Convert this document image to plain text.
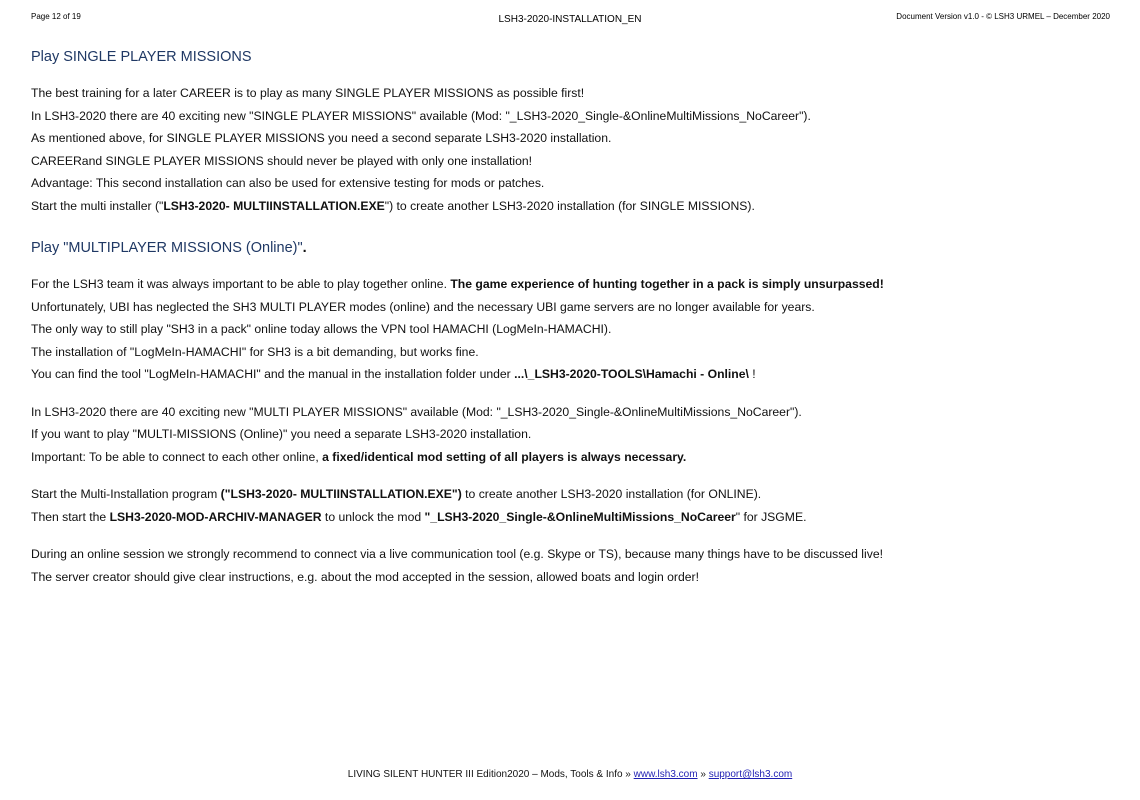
Page 12 of 19	LSH3-2020-INSTALLATION_EN	Document Version v1.0 - © LSH3 URMEL – December 2020
Play SINGLE PLAYER MISSIONS

The best training for a later CAREER is to play as many SINGLE PLAYER MISSIONS as possible first!

In LSH3-2020 there are 40 exciting new "SINGLE PLAYER MISSIONS" available (Mod: "_LSH3-2020_Single-&OnlineMultiMissions_NoCareer").

As mentioned above, for SINGLE PLAYER MISSIONS you need a second separate LSH3-2020 installation.

CAREERand SINGLE PLAYER MISSIONS should never be played with only one installation!

Advantage: This second installation can also be used for extensive testing for mods or patches.

Start the multi installer ("LSH3-2020- MULTIINSTALLATION.EXE") to create another LSH3-2020 installation (for SINGLE MISSIONS).

Play "MULTIPLAYER MISSIONS (Online)".

For the LSH3 team it was always important to be able to play together online. The game experience of hunting together in a pack is simply unsurpassed!

Unfortunately, UBI has neglected the SH3 MULTI PLAYER modes (online) and the necessary UBI game servers are no longer available for years.

The only way to still play "SH3 in a pack" online today allows the VPN tool HAMACHI (LogMeIn-HAMACHI).

The installation of "LogMeIn-HAMACHI" for SH3 is a bit demanding, but works fine.

You can find the tool "LogMeIn-HAMACHI" and the manual in the installation folder under ...\_LSH3-2020-TOOLS\Hamachi - Online\ !

In LSH3-2020 there are 40 exciting new "MULTI PLAYER MISSIONS" available (Mod: "_LSH3-2020_Single-&OnlineMultiMissions_NoCareer").

If you want to play "MULTI-MISSIONS (Online)" you need a separate LSH3-2020 installation.

Important: To be able to connect to each other online, a fixed/identical mod setting of all players is always necessary.

Start the Multi-Installation program ("LSH3-2020- MULTIINSTALLATION.EXE") to create another LSH3-2020 installation (for ONLINE).

Then start the LSH3-2020-MOD-ARCHIV-MANAGER to unlock the mod "_LSH3-2020_Single-&OnlineMultiMissions_NoCareer" for JSGME.

During an online session we strongly recommend to connect via a live communication tool (e.g. Skype or TS), because many things have to be discussed live!

The server creator should give clear instructions, e.g. about the mod accepted in the session, allowed boats and login order!

LIVING SILENT HUNTER III Edition2020 – Mods, Tools & Info » www.lsh3.com » support@lsh3.com
